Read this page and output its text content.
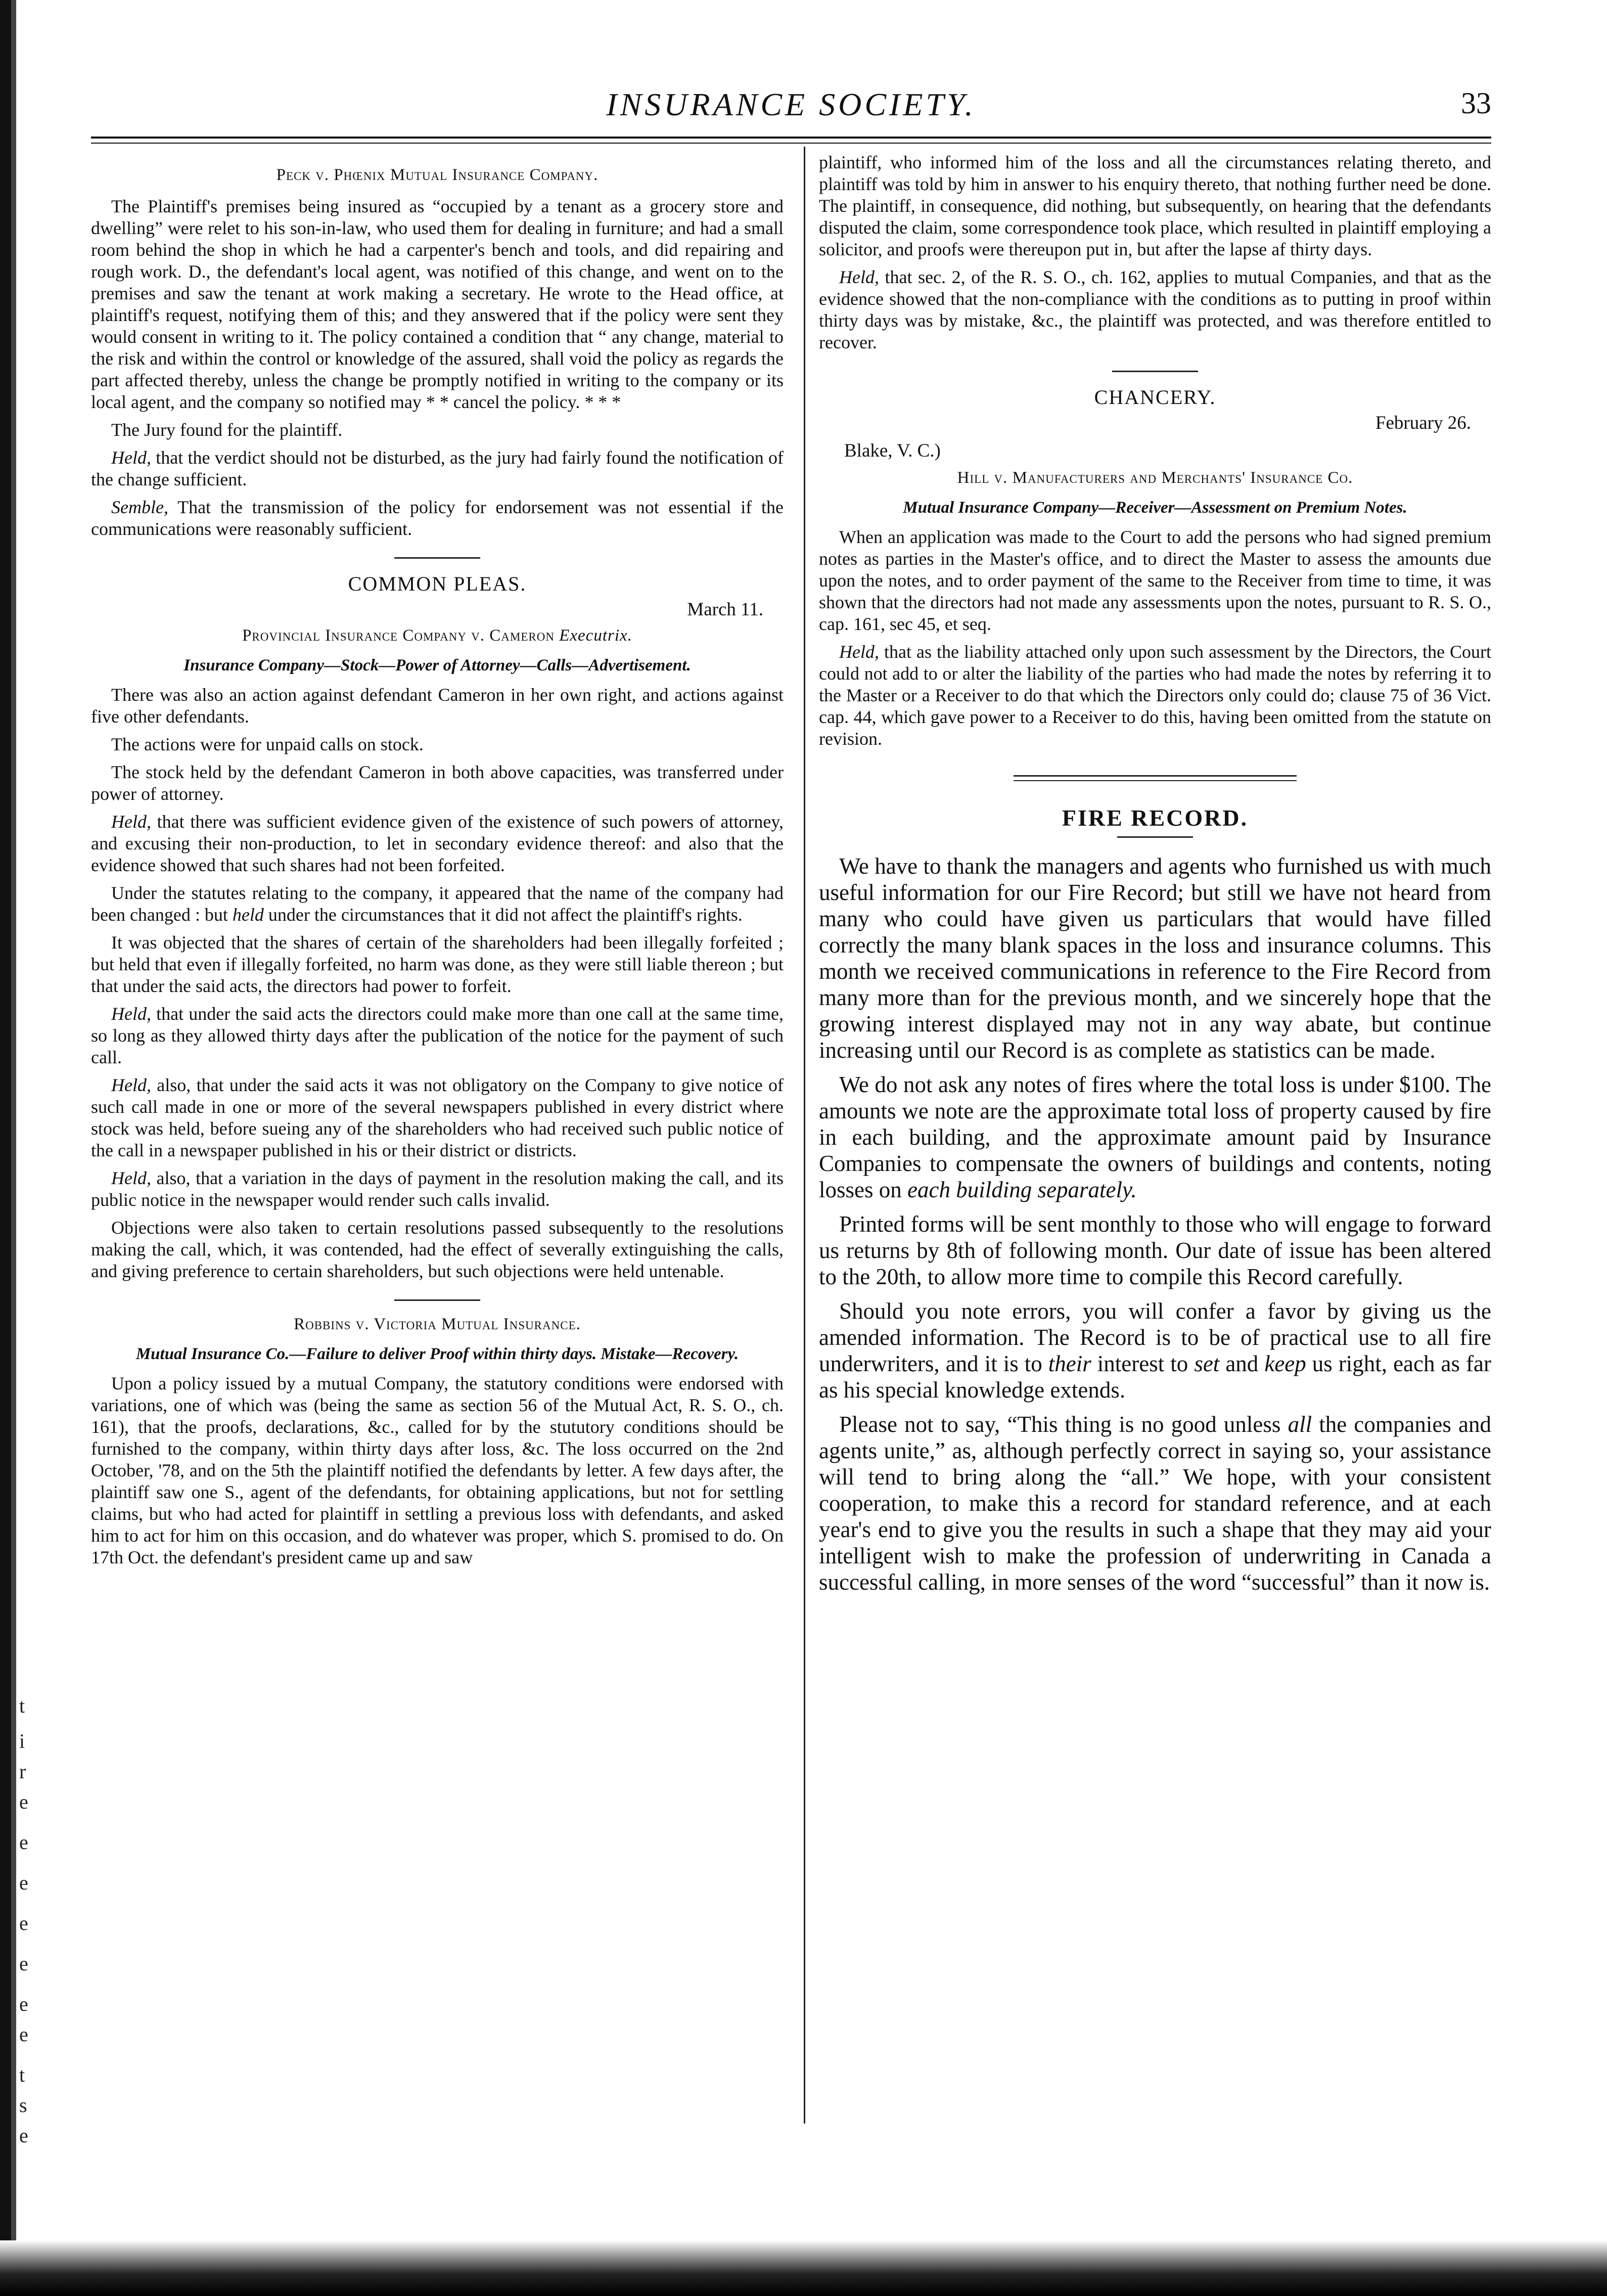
e
e
e
e
t
i
r
e
e
e
t
s
e
INSURANCE SOCIETY.	33
Peck v. Phœnix Mutual Insurance Company.

The Plaintiff's premises being insured as “occupied by a tenant as a grocery store and dwelling” were relet to his son-in-law, who used them for dealing in furniture; and had a small room behind the shop in which he had a carpenter's bench and tools, and did repairing and rough work. D., the defendant's local agent, was notified of this change, and went on to the premises and saw the tenant at work making a secretary. He wrote to the Head office, at plaintiff's request, notifying them of this; and they answered that if the policy were sent they would consent in writing to it. The policy contained a condition that “ any change, material to the risk and within the control or knowledge of the assured, shall void the policy as regards the part affected thereby, unless the change be promptly notified in writing to the company or its local agent, and the company so notified may * * cancel the policy. * * *

The Jury found for the plaintiff.

Held, that the verdict should not be disturbed, as the jury had fairly found the notification of the change sufficient.

Semble, That the transmission of the policy for endorsement was not essential if the communications were reasonably sufficient.

COMMON PLEAS.
March 11.
Provincial Insurance Company v. Cameron Executrix.
Insurance Company—Stock—Power of Attorney—Calls—Advertisement.

There was also an action against defendant Cameron in her own right, and actions against five other defendants.

The actions were for unpaid calls on stock.

The stock held by the defendant Cameron in both above capacities, was transferred under power of attorney.

Held, that there was sufficient evidence given of the existence of such powers of attorney, and excusing their non-production, to let in secondary evidence thereof: and also that the evidence showed that such shares had not been forfeited.

Under the statutes relating to the company, it appeared that the name of the company had been changed : but held under the circumstances that it did not affect the plaintiff's rights.

It was objected that the shares of certain of the shareholders had been illegally forfeited ; but held that even if illegally forfeited, no harm was done, as they were still liable thereon ; but that under the said acts, the directors had power to forfeit.

Held, that under the said acts the directors could make more than one call at the same time, so long as they allowed thirty days after the publication of the notice for the payment of such call.

Held, also, that under the said acts it was not obligatory on the Company to give notice of such call made in one or more of the several newspapers published in every district where stock was held, before sueing any of the shareholders who had received such public notice of the call in a newspaper published in his or their district or districts.

Held, also, that a variation in the days of payment in the resolution making the call, and its public notice in the newspaper would render such calls invalid.

Objections were also taken to certain resolutions passed subsequently to the resolutions making the call, which, it was contended, had the effect of severally extinguishing the calls, and giving preference to certain shareholders, but such objections were held untenable.

Robbins v. Victoria Mutual Insurance.
Mutual Insurance Co.—Failure to deliver Proof within thirty days. Mistake—Recovery.

Upon a policy issued by a mutual Company, the statutory conditions were endorsed with variations, one of which was (being the same as section 56 of the Mutual Act, R. S. O., ch. 161), that the proofs, declarations, &c., called for by the stututory conditions should be furnished to the company, within thirty days after loss, &c. The loss occurred on the 2nd October, '78, and on the 5th the plaintiff notified the defendants by letter. A few days after, the plaintiff saw one S., agent of the defendants, for obtaining applications, but not for settling claims, but who had acted for plaintiff in settling a previous loss with defendants, and asked him to act for him on this occasion, and do whatever was proper, which S. promised to do. On 17th Oct. the defendant's president came up and saw

plaintiff, who informed him of the loss and all the circumstances relating thereto, and plaintiff was told by him in answer to his enquiry thereto, that nothing further need be done. The plaintiff, in consequence, did nothing, but subsequently, on hearing that the defendants disputed the claim, some correspondence took place, which resulted in plaintiff employing a solicitor, and proofs were thereupon put in, but after the lapse af thirty days.

Held, that sec. 2, of the R. S. O., ch. 162, applies to mutual Companies, and that as the evidence showed that the non-compliance with the conditions as to putting in proof within thirty days was by mistake, &c., the plaintiff was protected, and was therefore entitled to recover.

CHANCERY.
February 26.
Blake, V. C.)
Hill v. Manufacturers and Merchants' Insurance Co.
Mutual Insurance Company—Receiver—Assessment on Premium Notes.

When an application was made to the Court to add the persons who had signed premium notes as parties in the Master's office, and to direct the Master to assess the amounts due upon the notes, and to order payment of the same to the Receiver from time to time, it was shown that the directors had not made any assessments upon the notes, pursuant to R. S. O., cap. 161, sec 45, et seq.

Held, that as the liability attached only upon such assessment by the Directors, the Court could not add to or alter the liability of the parties who had made the notes by referring it to the Master or a Receiver to do that which the Directors only could do; clause 75 of 36 Vict. cap. 44, which gave power to a Receiver to do this, having been omitted from the statute on revision.

FIRE RECORD.

We have to thank the managers and agents who furnished us with much useful information for our Fire Record; but still we have not heard from many who could have given us particulars that would have filled correctly the many blank spaces in the loss and insurance columns. This month we received communications in reference to the Fire Record from many more than for the previous month, and we sincerely hope that the growing interest displayed may not in any way abate, but continue increasing until our Record is as complete as statistics can be made.

We do not ask any notes of fires where the total loss is under $100. The amounts we note are the approximate total loss of property caused by fire in each building, and the approximate amount paid by Insurance Companies to compensate the owners of buildings and contents, noting losses on each building separately.

Printed forms will be sent monthly to those who will engage to forward us returns by 8th of following month. Our date of issue has been altered to the 20th, to allow more time to compile this Record carefully.

Should you note errors, you will confer a favor by giving us the amended information. The Record is to be of practical use to all fire underwriters, and it is to their interest to set and keep us right, each as far as his special knowledge extends.

Please not to say, “This thing is no good unless all the companies and agents unite,” as, although perfectly correct in saying so, your assistance will tend to bring along the “all.” We hope, with your consistent cooperation, to make this a record for standard reference, and at each year's end to give you the results in such a shape that they may aid your intelligent wish to make the profession of underwriting in Canada a successful calling, in more senses of the word “successful” than it now is.
